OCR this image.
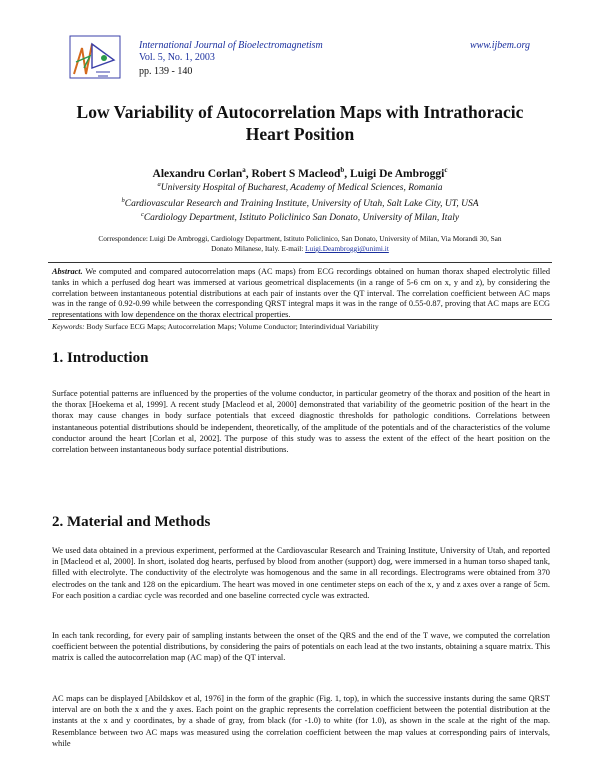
International Journal of Bioelectromagnetism
Vol. 5, No. 1, 2003
pp. 139 - 140
www.ijbem.org
Low Variability of Autocorrelation Maps with Intrathoracic
Heart Position
Alexandru Corlan$^a$, Robert S Macleod$^b$, Luigi De Ambroggi$^c$
$^a$University Hospital of Bucharest, Academy of Medical Sciences, Romania
$^b$Cardiovascular Research and Training Institute, University of Utah, Salt Lake City, UT, USA
$^c$Cardiology Department, Istituto Policlinico San Donato, University of Milan, Italy
Correspondence: Luigi De Ambroggi, Cardiology Department, Istituto Policlinico, San Donato, University of Milan, Via Morandi 30, San
Donato Milanese, Italy. E-mail: Luigi.Deambroggi@unimi.it

Abstract. We computed and compared autocorrelation maps (AC maps) from ECG recordings obtained on human thorax shaped electrolytic filled tanks in which a perfused dog heart was immersed at various geometrical displacements (in a range of 5-6 cm on x, y and z), by considering the correlation between instantaneous potential distributions at each pair of instants over the QT interval. The correlation coefficient between AC maps was in the range of 0.92-0.99 while between the corresponding QRST integral maps it was in the range of 0.55-0.87, proving that AC maps are ECG representations with low dependence on the thorax electrical properties.

Keywords: Body Surface ECG Maps; Autocorrelation Maps; Volume Conductor; Interindividual Variability
1. Introduction

Surface potential patterns are influenced by the properties of the volume conductor, in particular geometry of the thorax and position of the heart in the thorax [Hoekema et al, 1999]. A recent study [Macleod et al, 2000] demonstrated that variability of the geometric position of the heart in the thorax may cause changes in body surface potentials that exceed diagnostic thresholds for pathologic conditions. Correlations between instantaneous potential distributions should be independent, theoretically, of the amplitude of the potentials and of the characteristics of the volume conductor around the heart [Corlan et al, 2002]. The purpose of this study was to assess the extent of the effect of the heart position on the correlation between instantaneous body surface potential distributions.

2. Material and Methods

We used data obtained in a previous experiment, performed at the Cardiovascular Research and Training Institute, University of Utah, and reported in [Macleod et al, 2000]. In short, isolated dog hearts, perfused by blood from another (support) dog, were immersed in a human torso shaped tank, filled with electrolyte. The conductivity of the electrolyte was homogenous and the same in all recordings. Electrograms were obtained from 370 electrodes on the tank and 128 on the epicardium. The heart was moved in one centimeter steps on each of the x, y and z axes over a range of 5cm. For each position a cardiac cycle was recorded and one baseline corrected cycle was extracted.

In each tank recording, for every pair of sampling instants between the onset of the QRS and the end of the T wave, we computed the correlation coefficient between the potential distributions, by considering the pairs of potentials on each lead at the two instants, obtaining a square matrix. This matrix is called the autocorrelation map (AC map) of the QT interval.

AC maps can be displayed [Abildskov et al, 1976] in the form of the graphic (Fig. 1, top), in which the successive instants during the same QRST interval are on both the x and the y axes. Each point on the graphic represents the correlation coefficient between the potential distribution at the instants at the x and y coordinates, by a shade of gray, from black (for -1.0) to white (for 1.0), as shown in the scale at the right of the map. Resemblance between two AC maps was measured using the correlation coefficient between the map values at corresponding pairs of intervals, while
